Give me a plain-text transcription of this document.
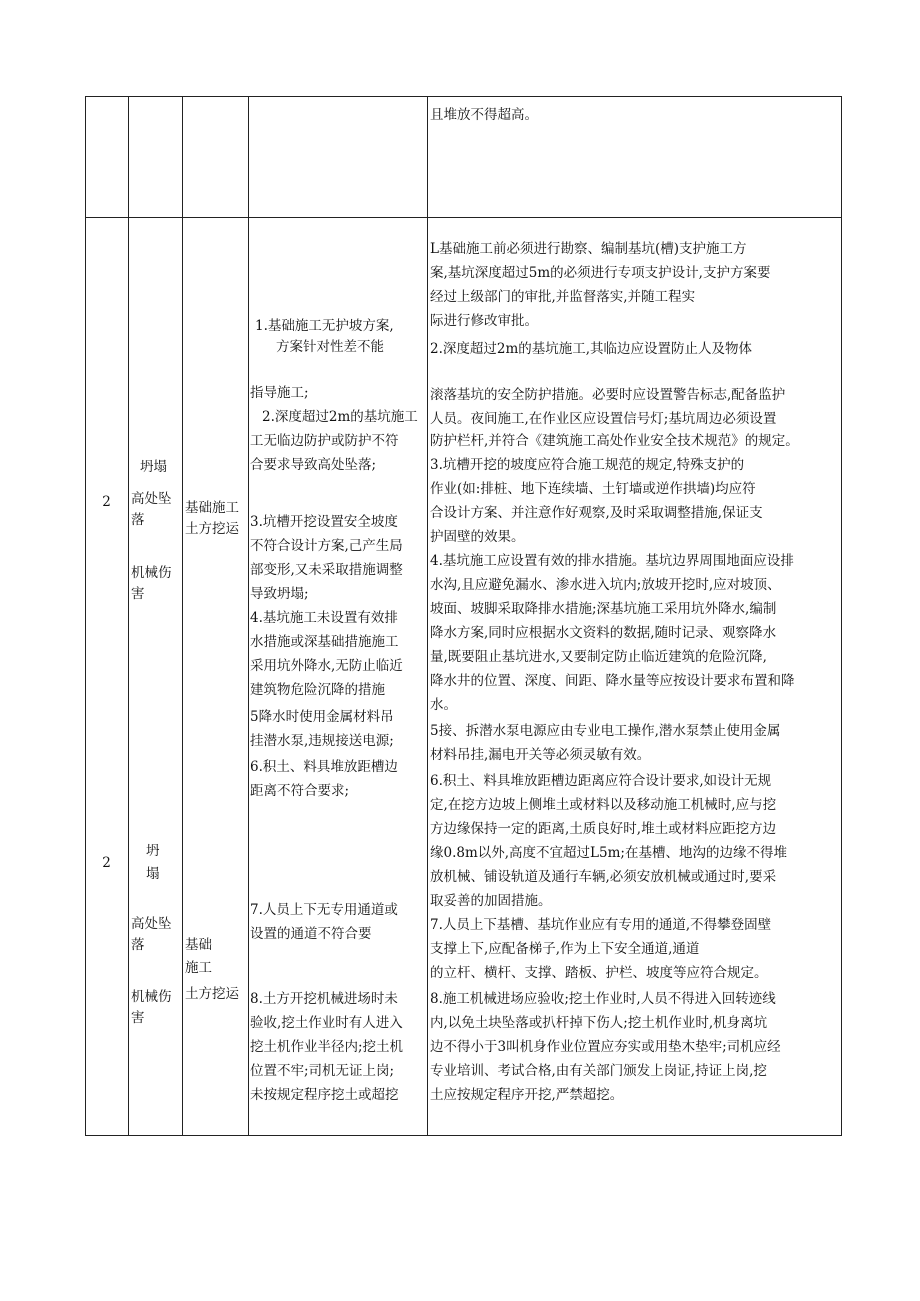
且堆放不得超高。
2
坍塌
高处坠
落
机械伤
害
基础施工
土方挖运
1.基础施工无护坡方案,
方案针对性差不能
指导施工;
2.深度超过2m的基坑施工
工无临边防护或防护不符
合要求导致高处坠落;
3.坑槽开挖设置安全坡度
不符合设计方案,己产生局
部变形,又未采取措施调整
导致坍塌;
4.基坑施工未设置有效排
水措施或深基础措施施工
采用坑外降水,无防止临近
建筑物危险沉降的措施
5降水时使用金属材料吊
挂潜水泵,违规接送电源;
6.积土、料具堆放距槽边
距离不符合要求;
L基础施工前必须进行勘察、编制基坑(槽)支护施工方
案,基坑深度超过5m的必须进行专项支护设计,支护方案要
经过上级部门的审批,并监督落实,并随工程实
际进行修改审批。
2.深度超过2m的基坑施工,其临边应设置防止人及物体
滚落基坑的安全防护措施。必要时应设置警告标志,配备监护
人员。夜间施工,在作业区应设置信号灯;基坑周边必须设置
防护栏杆,并符合《建筑施工高处作业安全技术规范》的规定。
3.坑槽开挖的坡度应符合施工规范的规定,特殊支护的
作业(如:排桩、地下连续墙、土钉墙或逆作拱墙)均应符
合设计方案、并注意作好观察,及时采取调整措施,保证支
护固壁的效果。
4.基坑施工应设置有效的排水措施。基坑边界周围地面应设排
水沟,且应避免漏水、渗水进入坑内;放坡开挖时,应对坡顶、
坡面、坡脚采取降排水措施;深基坑施工采用坑外降水,编制
降水方案,同时应根据水文资料的数据,随时记录、观察降水
量,既要阻止基坑进水,又要制定防止临近建筑的危险沉降,
降水井的位置、深度、间距、降水量等应按设计要求布置和降
水。
5接、拆潜水泵电源应由专业电工操作,潜水泵禁止使用金属
材料吊挂,漏电开关等必须灵敏有效。
6.积土、料具堆放距槽边距离应符合设计要求,如设计无规
定,在挖方边坡上侧堆土或材料以及移动施工机械时,应与挖
方边缘保持一定的距离,土质良好时,堆土或材料应距挖方边
缘0.8m以外,高度不宜超过L5m;在基槽、地沟的边缘不得堆
放机械、铺设轨道及通行车辆,必须安放机械或通过时,要采
取妥善的加固措施。
7.人员上下基槽、基坑作业应有专用的通道,不得攀登固壁
支撑上下,应配备梯子,作为上下安全通道,通道
的立杆、横杆、支撑、踏板、护栏、坡度等应符合规定。
8.施工机械进场应验收;挖土作业时,人员不得进入回转迹线
内,以免土块坠落或扒杆掉下伤人;挖土机作业时,机身离坑
边不得小于3叫机身作业位置应夯实或用垫木垫牢;司机应经
专业培训、考试合格,由有关部门颁发上岗证,持证上岗,挖
土应按规定程序开挖,严禁超挖。
2
坍
塌
高处坠
落
机械伤
害
基础
施工
土方挖运
7.人员上下无专用通道或
设置的通道不符合要
8.土方开挖机械进场时未
验收,挖土作业时有人进入
挖土机作业半径内;挖土机
位置不牢;司机无证上岗;
未按规定程序挖土或超挖
